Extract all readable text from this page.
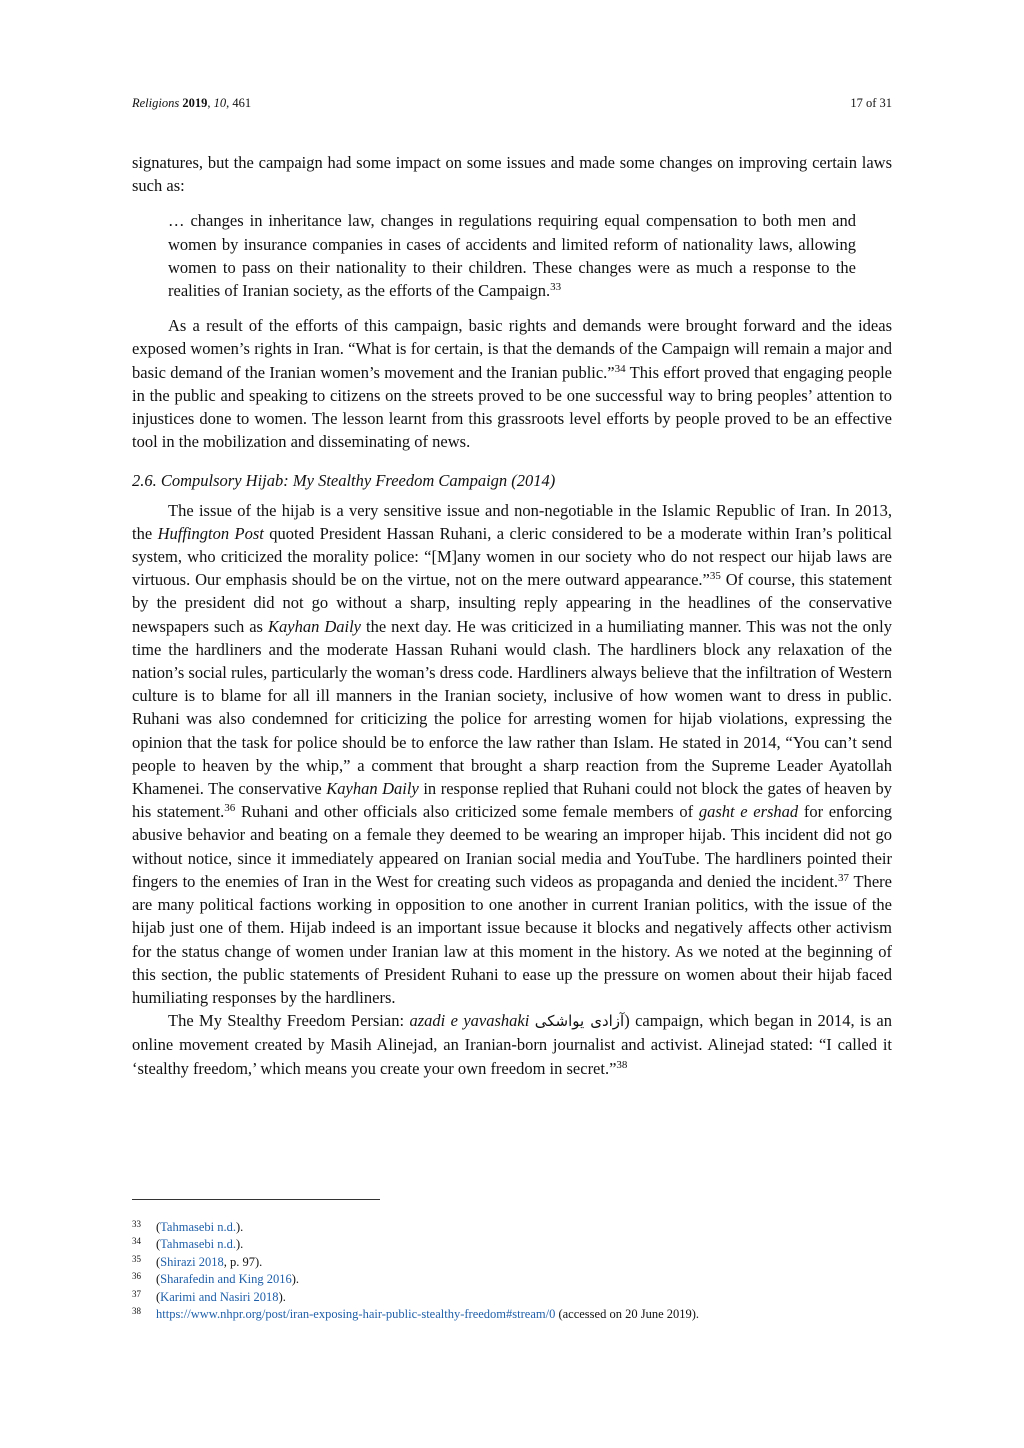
Religions 2019, 10, 461	17 of 31

signatures, but the campaign had some impact on some issues and made some changes on improving certain laws such as:

… changes in inheritance law, changes in regulations requiring equal compensation to both men and women by insurance companies in cases of accidents and limited reform of nationality laws, allowing women to pass on their nationality to their children. These changes were as much a response to the realities of Iranian society, as the efforts of the Campaign.$^{33}$

As a result of the efforts of this campaign, basic rights and demands were brought forward and the ideas exposed women’s rights in Iran. “What is for certain, is that the demands of the Campaign will remain a major and basic demand of the Iranian women’s movement and the Iranian public.”$^{34}$ This effort proved that engaging people in the public and speaking to citizens on the streets proved to be one successful way to bring peoples’ attention to injustices done to women. The lesson learnt from this grassroots level efforts by people proved to be an effective tool in the mobilization and disseminating of news.

2.6. Compulsory Hijab: My Stealthy Freedom Campaign (2014)

The issue of the hijab is a very sensitive issue and non-negotiable in the Islamic Republic of Iran. In 2013, the Huffington Post quoted President Hassan Ruhani, a cleric considered to be a moderate within Iran’s political system, who criticized the morality police: “[M]any women in our society who do not respect our hijab laws are virtuous. Our emphasis should be on the virtue, not on the mere outward appearance.”$^{35}$ Of course, this statement by the president did not go without a sharp, insulting reply appearing in the headlines of the conservative newspapers such as Kayhan Daily the next day. He was criticized in a humiliating manner. This was not the only time the hardliners and the moderate Hassan Ruhani would clash. The hardliners block any relaxation of the nation’s social rules, particularly the woman’s dress code. Hardliners always believe that the infiltration of Western culture is to blame for all ill manners in the Iranian society, inclusive of how women want to dress in public. Ruhani was also condemned for criticizing the police for arresting women for hijab violations, expressing the opinion that the task for police should be to enforce the law rather than Islam. He stated in 2014, “You can’t send people to heaven by the whip,” a comment that brought a sharp reaction from the Supreme Leader Ayatollah Khamenei. The conservative Kayhan Daily in response replied that Ruhani could not block the gates of heaven by his statement.$^{36}$ Ruhani and other officials also criticized some female members of gasht e ershad for enforcing abusive behavior and beating on a female they deemed to be wearing an improper hijab. This incident did not go without notice, since it immediately appeared on Iranian social media and YouTube. The hardliners pointed their fingers to the enemies of Iran in the West for creating such videos as propaganda and denied the incident.$^{37}$ There are many political factions working in opposition to one another in current Iranian politics, with the issue of the hijab just one of them. Hijab indeed is an important issue because it blocks and negatively affects other activism for the status change of women under Iranian law at this moment in the history. As we noted at the beginning of this section, the public statements of President Ruhani to ease up the pressure on women about their hijab faced humiliating responses by the hardliners.

The My Stealthy Freedom Persian: azadi e yavashaki آزادی یواشکی) campaign, which began in 2014, is an online movement created by Masih Alinejad, an Iranian-born journalist and activist. Alinejad stated: “I called it ‘stealthy freedom,’ which means you create your own freedom in secret.”$^{38}$

33 (Tahmasebi n.d.).
34 (Tahmasebi n.d.).
35 (Shirazi 2018, p. 97).
36 (Sharafedin and King 2016).
37 (Karimi and Nasiri 2018).
38 https://www.nhpr.org/post/iran-exposing-hair-public-stealthy-freedom#stream/0 (accessed on 20 June 2019).
